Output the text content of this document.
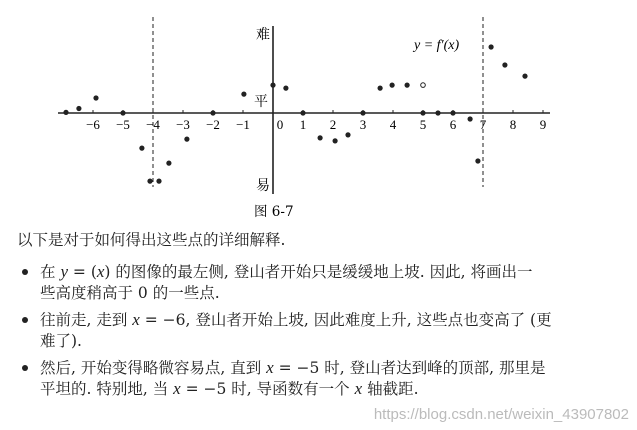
难
平
易
y = f′(x)
图 6-7
−6 −5 −4 −3 −2 −1 0 1 2 3 4 5 6 7 8 9
以下是对于如何得出这些点的详细解释.
在 y = (x) 的图像的最左侧, 登山者开始只是缓缓地上坡. 因此, 将画出一
些高度稍高于 0 的一些点.
往前走, 走到 x = −6, 登山者开始上坡, 因此难度上升, 这些点也变高了 (更
难了).
然后, 开始变得略微容易点, 直到 x = −5 时, 登山者达到峰的顶部, 那里是
平坦的. 特别地, 当 x = −5 时, 导函数有一个 x 轴截距.
https://blog.csdn.net/weixin_43907802
